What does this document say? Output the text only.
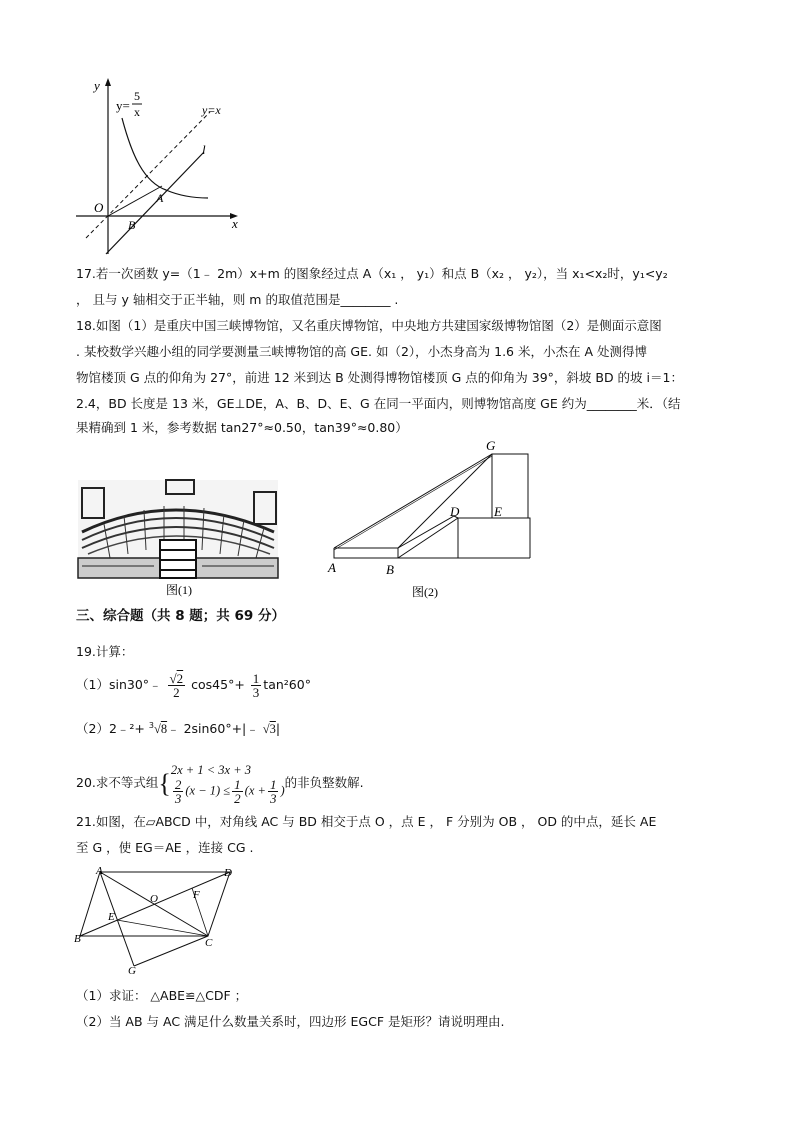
y
x
y=
5
x	y=x
l
O
A
B
17.若一次函数 y=（1﹣ 2m）x+m 的图象经过点 A（x₁ ， y₁）和点 B（x₂ ， y₂），当 x₁<x₂时，y₁<y₂
， 且与 y 轴相交于正半轴，则 m 的取值范围是________ .
18.如图（1）是重庆中国三峡博物馆，又名重庆博物馆，中央地方共建国家级博物馆图（2）是侧面示意图
. 某校数学兴趣小组的同学要测量三峡博物馆的高 GE. 如（2），小杰身高为 1.6 米，小杰在 A 处测得博
物馆楼顶 G 点的仰角为 27°，前进 12 米到达 B 处测得博物馆楼顶 G 点的仰角为 39°，斜坡 BD 的坡 i＝1：
2.4，BD 长度是 13 米，GE⊥DE，A、B、D、E、G 在同一平面内，则博物馆高度 GE 约为________米．（结
果精确到 1 米，参考数据 tan27°≈0.50，tan39°≈0.80）
图(1)
G
D	E
A	B
图(2)
三、综合题（共 8 题；共 69 分）
19.计算：
（1）sin30°﹣ $\frac{√2}{2} \cos 45^\circ+ \frac{1}{3} \tan^260^\circ$
（2）2﹣²+ $^3$√8﹣ 2sin60°+|﹣ √3|
20.求不等式组{ 2x + 1 < 3x + 3
$\frac{2}{3} (x - 1) \le \frac{1}{2} (x + \frac{1}{3}$ )
的非负整数解.
21.如图，在▱ABCD 中，对角线 AC 与 BD 相交于点 O ，点 E ， F 分别为 OB ， OD 的中点，延长 AE
至 G ，使 EG＝AE ，连接 CG .
A	D
O	F
E
B	C
G
（1）求证： △ABE≌△CDF ；
（2）当 AB 与 AC 满足什么数量关系时，四边形 EGCF 是矩形？请说明理由.
